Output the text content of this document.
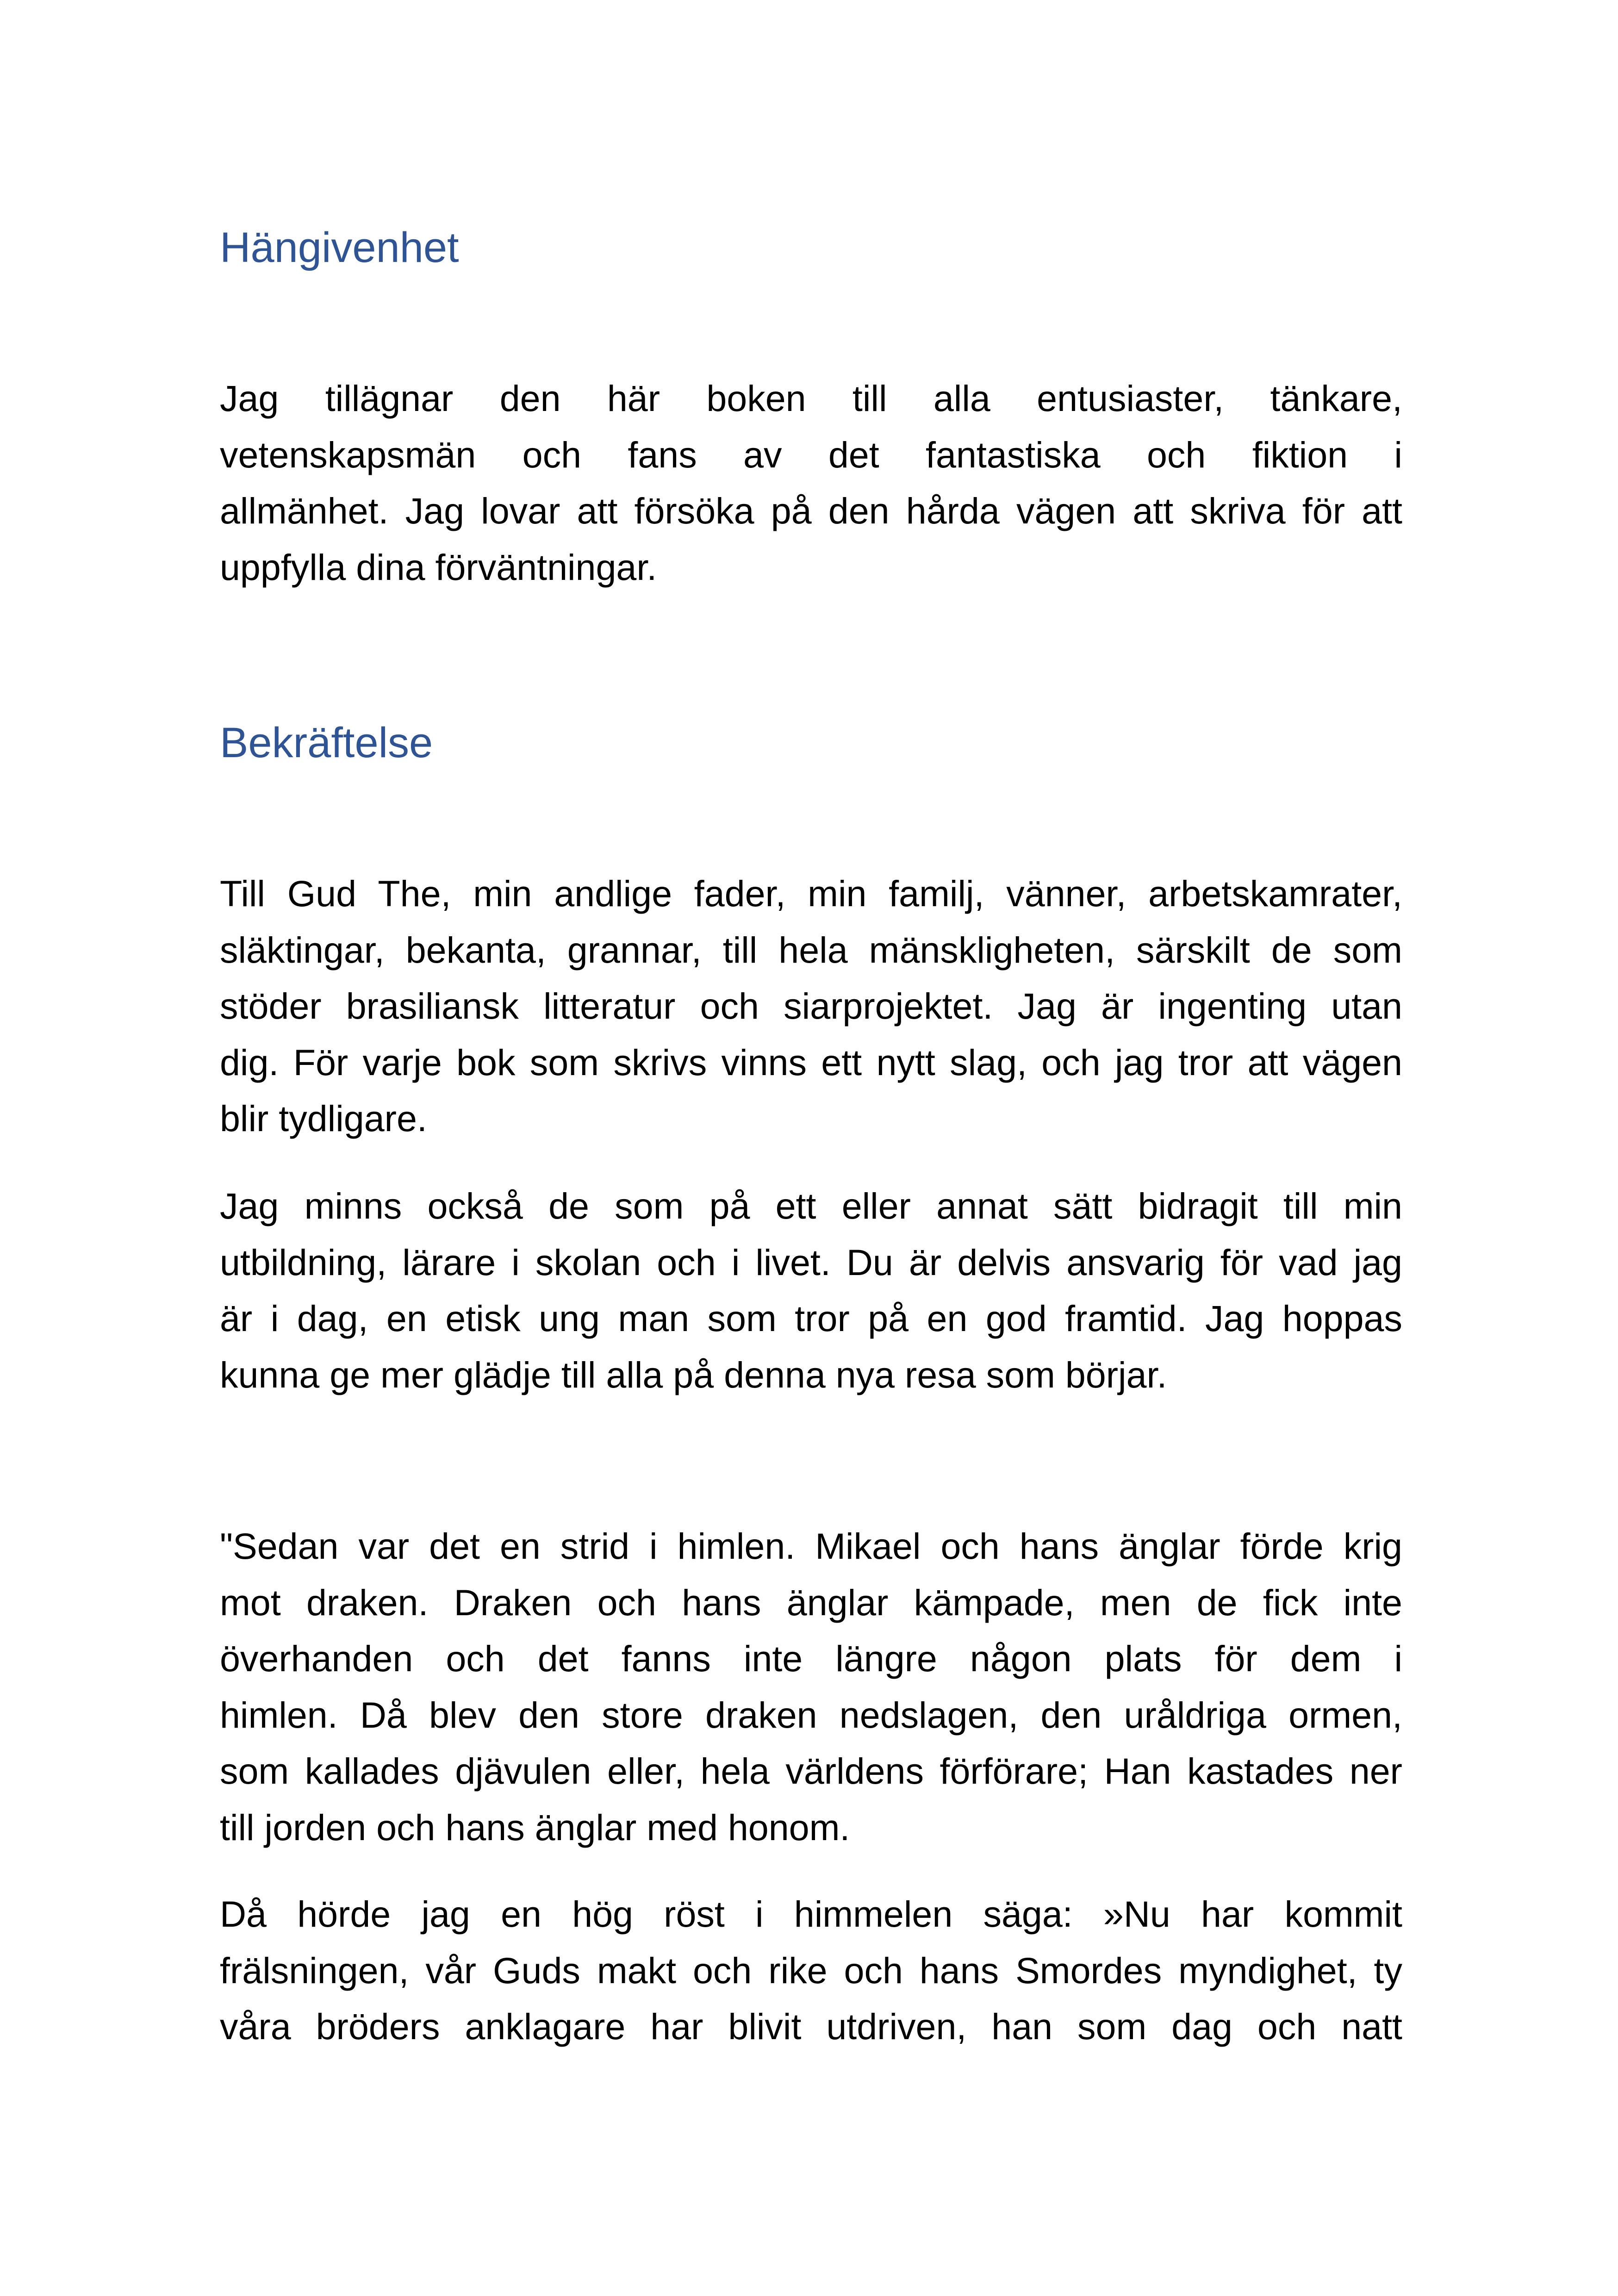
Hängivenhet
Jag tillägnar den här boken till alla entusiaster, tänkare,
vetenskapsmän och fans av det fantastiska och fiktion i
allmänhet. Jag lovar att försöka på den hårda vägen att skriva för att
uppfylla dina förväntningar.
Bekräftelse
Till Gud The, min andlige fader, min familj, vänner, arbetskamrater,
släktingar, bekanta, grannar, till hela mänskligheten, särskilt de som
stöder brasiliansk litteratur och siarprojektet. Jag är ingenting utan
dig. För varje bok som skrivs vinns ett nytt slag, och jag tror att vägen
blir tydligare.
Jag minns också de som på ett eller annat sätt bidragit till min
utbildning, lärare i skolan och i livet. Du är delvis ansvarig för vad jag
är i dag, en etisk ung man som tror på en god framtid. Jag hoppas
kunna ge mer glädje till alla på denna nya resa som börjar.
"Sedan var det en strid i himlen. Mikael och hans änglar förde krig
mot draken. Draken och hans änglar kämpade, men de fick inte
överhanden och det fanns inte längre någon plats för dem i
himlen. Då blev den store draken nedslagen, den uråldriga ormen,
som kallades djävulen eller, hela världens förförare; Han kastades ner
till jorden och hans änglar med honom.
Då hörde jag en hög röst i himmelen säga: »Nu har kommit
frälsningen, vår Guds makt och rike och hans Smordes myndighet, ty
våra bröders anklagare har blivit utdriven, han som dag och natt
